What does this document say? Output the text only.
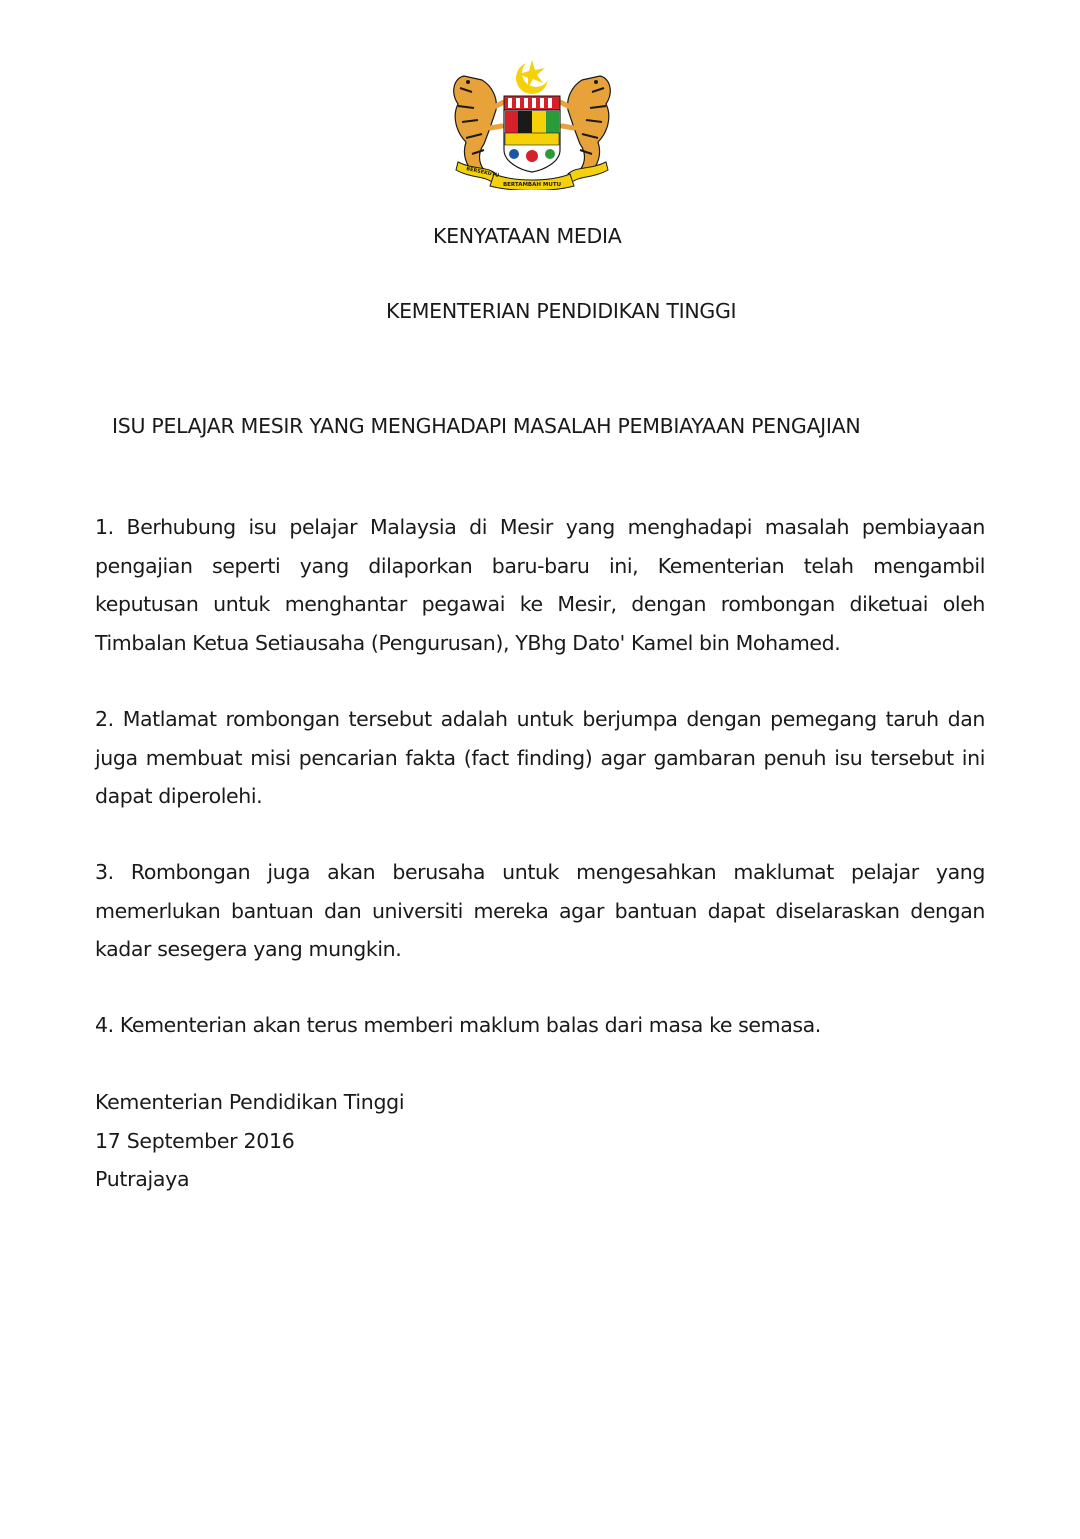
BERSEKUTU
BERTAMBAH MUTU
KENYATAAN MEDIA
KEMENTERIAN PENDIDIKAN TINGGI
ISU PELAJAR MESIR YANG MENGHADAPI MASALAH PEMBIAYAAN PENGAJIAN

1. Berhubung isu pelajar Malaysia di Mesir yang menghadapi masalah pembiayaan pengajian seperti yang dilaporkan baru-baru ini, Kementerian telah mengambil keputusan untuk menghantar pegawai ke Mesir, dengan rombongan diketuai oleh Timbalan Ketua Setiausaha (Pengurusan), YBhg Dato' Kamel bin Mohamed.

2. Matlamat rombongan tersebut adalah untuk berjumpa dengan pemegang taruh dan juga membuat misi pencarian fakta (fact finding) agar gambaran penuh isu tersebut ini dapat diperolehi.

3. Rombongan juga akan berusaha untuk mengesahkan maklumat pelajar yang memerlukan bantuan dan universiti mereka agar bantuan dapat diselaraskan dengan kadar sesegera yang mungkin.

4. Kementerian akan terus memberi maklum balas dari masa ke semasa.

Kementerian Pendidikan Tinggi
17 September 2016
Putrajaya
